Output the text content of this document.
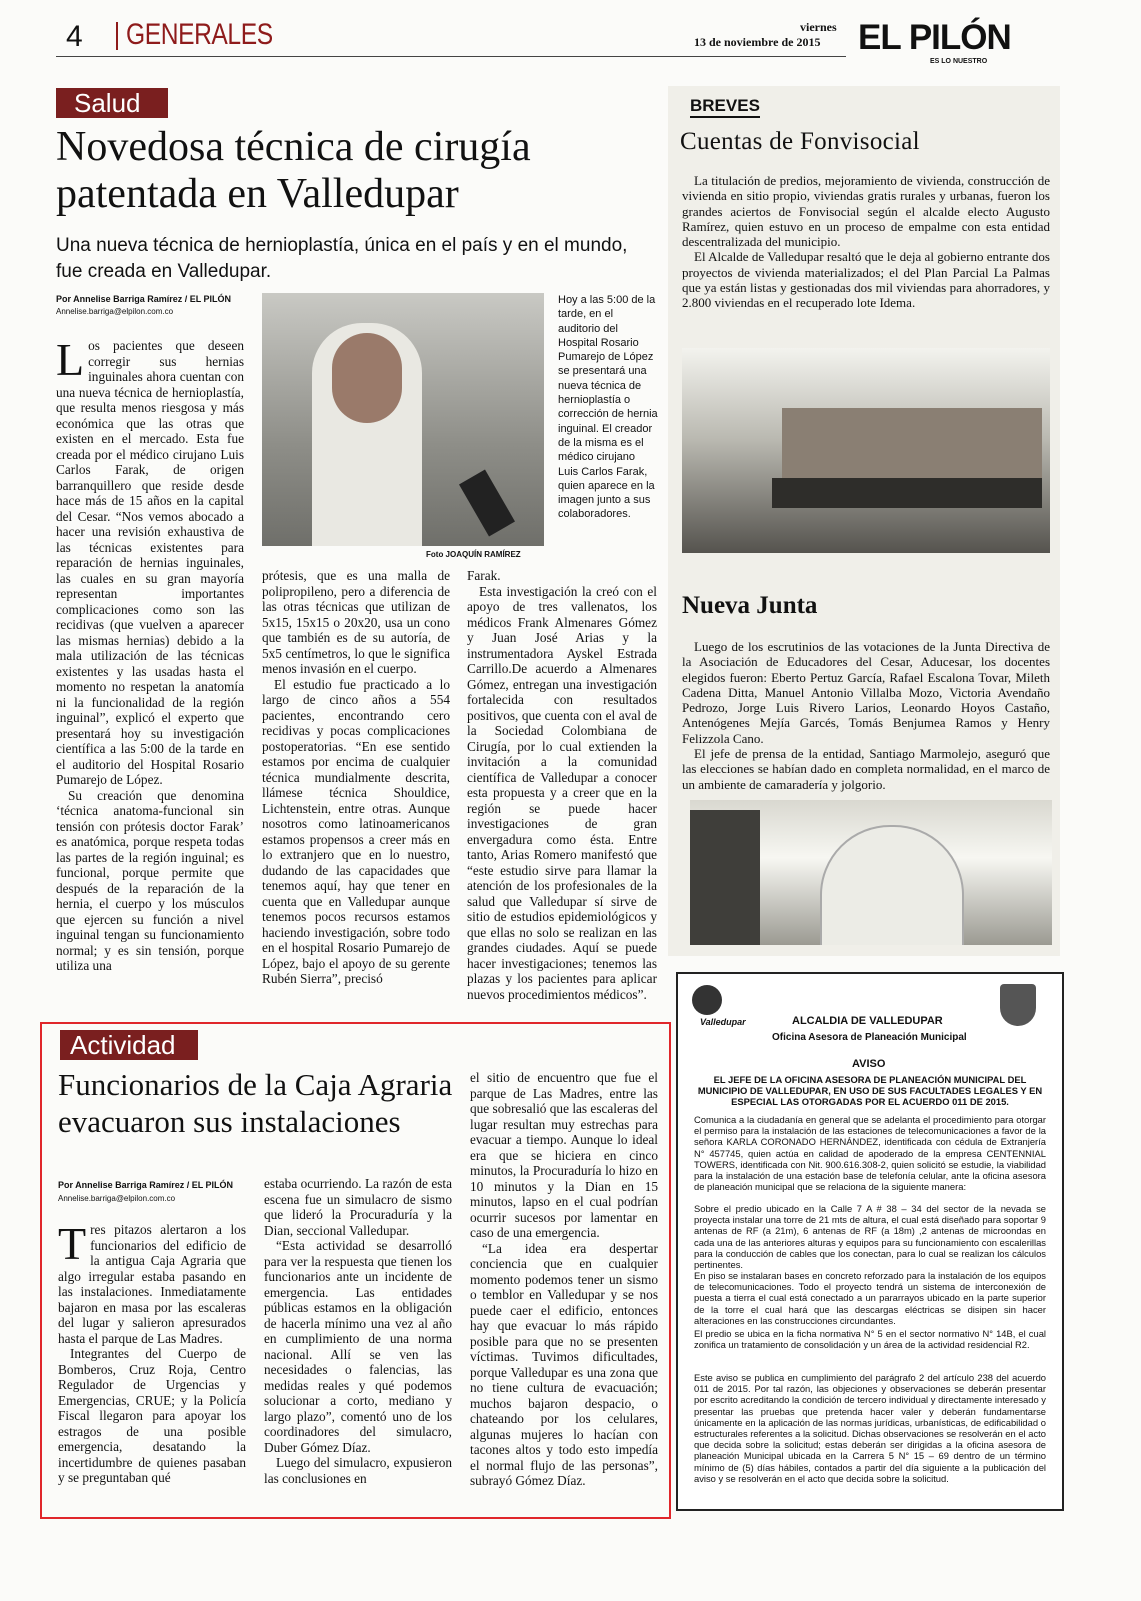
4 GENERALES	viernes
13 de noviembre de 2015 EL PILÓN
ES LO NUESTRO
Salud
Novedosa técnica de cirugía patentada en Valledupar
Una nueva técnica de hernioplastía, única en el país y en el mundo, fue creada en Valledupar.
Por Annelise Barriga Ramírez / EL PILÓN
Annelise.barriga@elpilon.com.co
Foto JOAQUÍN RAMÍREZ
Hoy a las 5:00 de la tarde, en el auditorio del Hospital Rosario Pumarejo de López se presentará una nueva técnica de hernioplastía o corrección de hernia inguinal. El creador de la misma es el médico cirujano Luis Carlos Farak, quien aparece en la imagen junto a sus colaboradores.

Los pacientes que deseen corregir sus hernias inguinales ahora cuentan con una nueva técnica de hernioplastía, que resulta menos riesgosa y más económica que las otras que existen en el mercado. Esta fue creada por el médico cirujano Luis Carlos Farak, de origen barranquillero que reside desde hace más de 15 años en la capital del Cesar. “Nos vemos abocado a hacer una revisión exhaustiva de las técnicas existentes para reparación de hernias inguinales, las cuales en su gran mayoría representan importantes complicaciones como son las recidivas (que vuelven a aparecer las mismas hernias) debido a la mala utilización de las técnicas existentes y las usadas hasta el momento no respetan la anatomía ni la funcionalidad de la región inguinal”, explicó el experto que presentará hoy su investigación científica a las 5:00 de la tarde en el auditorio del Hospital Rosario Pumarejo de López.

Su creación que denomina ‘técnica anatoma-funcional sin tensión con prótesis doctor Farak’ es anatómica, porque respeta todas las partes de la región inguinal; es funcional, porque permite que después de la reparación de la hernia, el cuerpo y los músculos que ejercen su función a nivel inguinal tengan su funcionamiento normal; y es sin tensión, porque utiliza una

prótesis, que es una malla de polipropileno, pero a diferencia de las otras técnicas que utilizan de 5x15, 15x15 o 20x20, usa un cono que también es de su autoría, de 5x5 centímetros, lo que le significa menos invasión en el cuerpo.

El estudio fue practicado a lo largo de cinco años a 554 pacientes, encontrando cero recidivas y pocas complicaciones postoperatorias. “En ese sentido estamos por encima de cualquier técnica mundialmente descrita, llámese técnica Shouldice, Lichtenstein, entre otras. Aunque nosotros como latinoamericanos estamos propensos a creer más en lo extranjero que en lo nuestro, dudando de las capacidades que tenemos aquí, hay que tener en cuenta que en Valledupar aunque tenemos pocos recursos estamos haciendo investigación, sobre todo en el hospital Rosario Pumarejo de López, bajo el apoyo de su gerente Rubén Sierra”, precisó

Farak.

Esta investigación la creó con el apoyo de tres vallenatos, los médicos Frank Almenares Gómez y Juan José Arias y la instrumentadora Ayskel Estrada Carrillo.De acuerdo a Almenares Gómez, entregan una investigación fortalecida con resultados positivos, que cuenta con el aval de la Sociedad Colombiana de Cirugía, por lo cual extienden la invitación a la comunidad científica de Valledupar a conocer esta propuesta y a creer que en la región se puede hacer investigaciones de gran envergadura como ésta. Entre tanto, Arias Romero manifestó que “este estudio sirve para llamar la atención de los profesionales de la salud que Valledupar sí sirve de sitio de estudios epidemiológicos y que ellas no solo se realizan en las grandes ciudades. Aquí se puede hacer investigaciones; tenemos las plazas y los pacientes para aplicar nuevos procedimientos médicos”.

BREVES
Cuentas de Fonvisocial

La titulación de predios, mejoramiento de vivienda, construcción de vivienda en sitio propio, viviendas gratis rurales y urbanas, fueron los grandes aciertos de Fonvisocial según el alcalde electo Augusto Ramírez, quien estuvo en un proceso de empalme con esta entidad descentralizada del municipio.

El Alcalde de Valledupar resaltó que le deja al gobierno entrante dos proyectos de vivienda materializados; el del Plan Parcial La Palmas que ya están listas y gestionadas dos mil viviendas para ahorradores, y 2.800 viviendas en el recuperado lote Idema.

Nueva Junta

Luego de los escrutinios de las votaciones de la Junta Directiva de la Asociación de Educadores del Cesar, Aducesar, los docentes elegidos fueron: Eberto Pertuz García, Rafael Escalona Tovar, Mileth Cadena Ditta, Manuel Antonio Villalba Mozo, Victoria Avendaño Pedrozo, Jorge Luis Rivero Larios, Leonardo Hoyos Castaño, Antenógenes Mejía Garcés, Tomás Benjumea Ramos y Henry Felizzola Cano.

El jefe de prensa de la entidad, Santiago Marmolejo, aseguró que las elecciones se habían dado en completa normalidad, en el marco de un ambiente de camaradería y jolgorio.

Valledupar	ALCALDIA DE VALLEDUPAR
Oficina Asesora de Planeación Municipal
AVISO
EL JEFE DE LA OFICINA ASESORA DE PLANEACIÓN MUNICIPAL DEL MUNICIPIO DE VALLEDUPAR, EN USO DE SUS FACULTADES LEGALES Y EN ESPECIAL LAS OTORGADAS POR EL ACUERDO 011 DE 2015.
Comunica a la ciudadanía en general que se adelanta el procedimiento para otorgar el permiso para la instalación de las estaciones de telecomunicaciones a favor de la señora KARLA CORONADO HERNÁNDEZ, identificada con cédula de Extranjería N° 457745, quien actúa en calidad de apoderado de la empresa CENTENNIAL TOWERS, identificada con Nit. 900.616.308-2, quien solicitó se estudie, la viabilidad para la instalación de una estación base de telefonía celular, ante la oficina asesora de planeación municipal que se relaciona de la siguiente manera:
Sobre el predio ubicado en la Calle 7 A # 38 – 34 del sector de la nevada se proyecta instalar una torre de 21 mts de altura, el cual está diseñado para soportar 9 antenas de RF (a 21m), 6 antenas de RF (a 18m) ,2 antenas de microondas en cada una de las anteriores alturas y equipos para su funcionamiento con escalerillas para la conducción de cables que los conectan, para lo cual se realizan los cálculos pertinentes.
En piso se instalaran bases en concreto reforzado para la instalación de los equipos de telecomunicaciones. Todo el proyecto tendrá un sistema de interconexión de puesta a tierra el cual está conectado a un pararrayos ubicado en la parte superior de la torre el cual hará que las descargas eléctricas se disipen sin hacer alteraciones en las construcciones circundantes.
El predio se ubica en la ficha normativa N° 5 en el sector normativo N° 14B, el cual zonifica un tratamiento de consolidación y un área de la actividad residencial R2.
Este aviso se publica en cumplimiento del parágrafo 2 del artículo 238 del acuerdo 011 de 2015. Por tal razón, las objeciones y observaciones se deberán presentar por escrito acreditando la condición de tercero individual y directamente interesado y presentar las pruebas que pretenda hacer valer y deberán fundamentarse únicamente en la aplicación de las normas jurídicas, urbanísticas, de edificabilidad o estructurales referentes a la solicitud. Dichas observaciones se resolverán en el acto que decida sobre la solicitud; estas deberán ser dirigidas a la oficina asesora de planeación Municipal ubicada en la Carrera 5 N° 15 – 69 dentro de un término mínimo de (5) días hábiles, contados a partir del día siguiente a la publicación del aviso y se resolverán en el acto que decida sobre la solicitud.
Actividad
Funcionarios de la Caja Agraria evacuaron sus instalaciones
Por Annelise Barriga Ramírez / EL PILÓN
Annelise.barriga@elpilon.com.co

Tres pitazos alertaron a los funcionarios del edificio de la antigua Caja Agraria que algo irregular estaba pasando en las instalaciones. Inmediatamente bajaron en masa por las escaleras del lugar y salieron apresurados hasta el parque de Las Madres.

Integrantes del Cuerpo de Bomberos, Cruz Roja, Centro Regulador de Urgencias y Emergencias, CRUE; y la Policía Fiscal llegaron para apoyar los estragos de una posible emergencia, desatando la incertidumbre de quienes pasaban y se preguntaban qué

estaba ocurriendo. La razón de esta escena fue un simulacro de sismo que lideró la Procuraduría y la Dian, seccional Valledupar.

“Esta actividad se desarrolló para ver la respuesta que tienen los funcionarios ante un incidente de emergencia. Las entidades públicas estamos en la obligación de hacerla mínimo una vez al año en cumplimiento de una norma nacional. Allí se ven las necesidades o falencias, las medidas reales y qué podemos solucionar a corto, mediano y largo plazo”, comentó uno de los coordinadores del simulacro, Duber Gómez Díaz.

Luego del simulacro, expusieron las conclusiones en

el sitio de encuentro que fue el parque de Las Madres, entre las que sobresalió que las escaleras del lugar resultan muy estrechas para evacuar a tiempo. Aunque lo ideal era que se hiciera en cinco minutos, la Procuraduría lo hizo en 10 minutos y la Dian en 15 minutos, lapso en el cual podrían ocurrir sucesos por lamentar en caso de una emergencia.

“La idea era despertar conciencia que en cualquier momento podemos tener un sismo o temblor en Valledupar y se nos puede caer el edificio, entonces hay que evacuar lo más rápido posible para que no se presenten víctimas. Tuvimos dificultades, porque Valledupar es una zona que no tiene cultura de evacuación; muchos bajaron despacio, o chateando por los celulares, algunas mujeres lo hacían con tacones altos y todo esto impedía el normal flujo de las personas”, subrayó Gómez Díaz.
